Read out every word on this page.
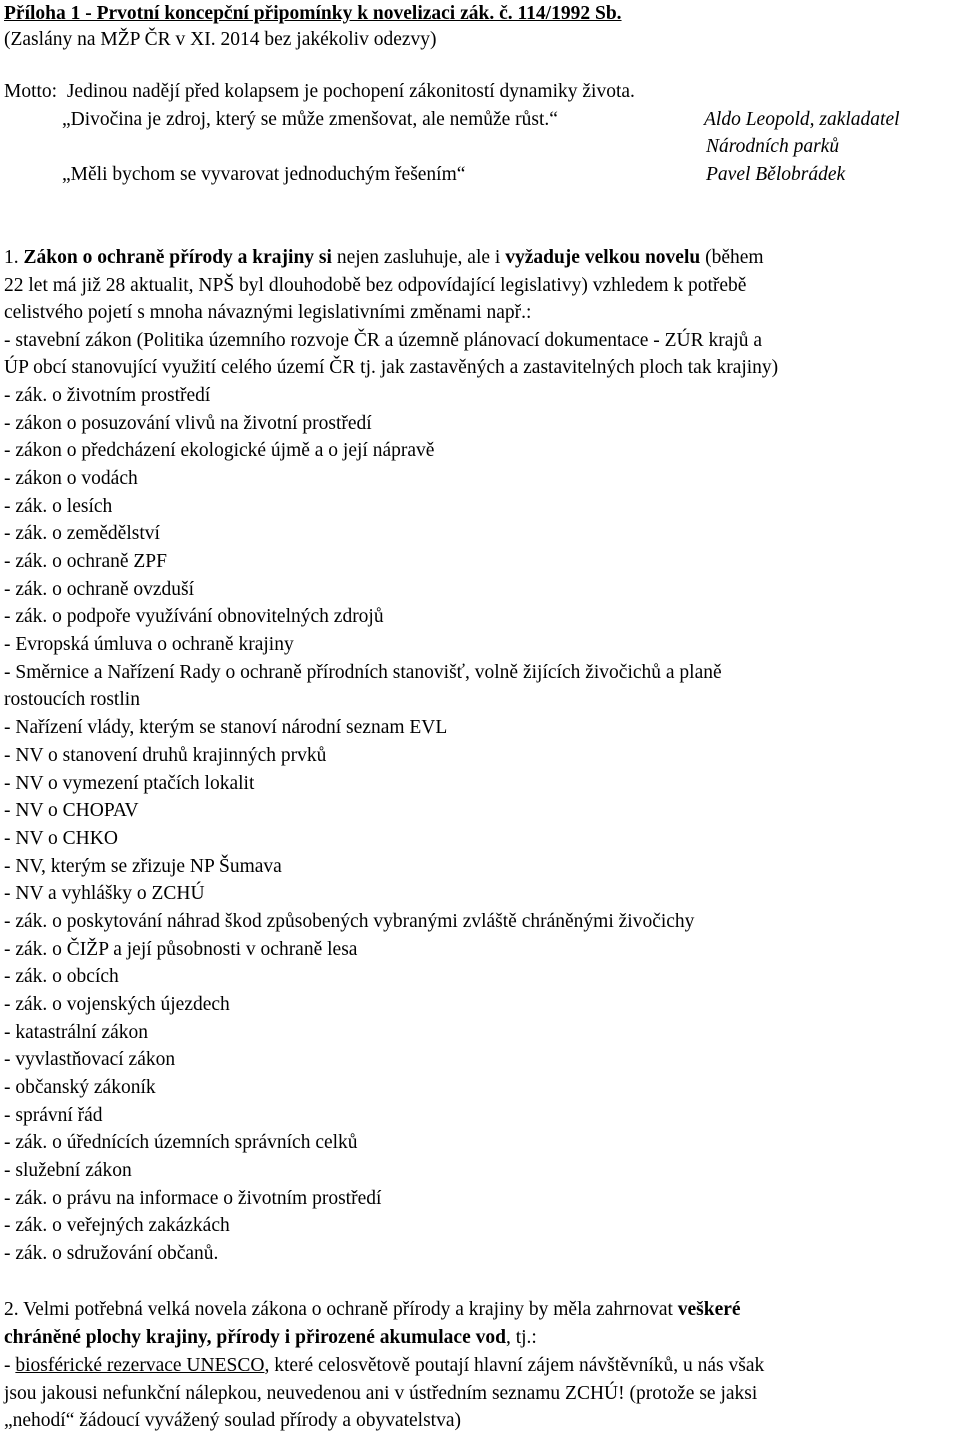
Příloha 1 - Prvotní koncepční připomínky k novelizaci zák. č. 114/1992 Sb.
(Zaslány na MŽP ČR v XI. 2014 bez jakékoliv odezvy)
Motto: Jedinou nadějí před kolapsem je pochopení zákonitostí dynamiky života.
„Divočina je zdroj, který se může zmenšovat, ale nemůže růst.“	Aldo Leopold, zakladatel
Národních parků
„Měli bychom se vyvarovat jednoduchým řešením“	Pavel Bělobrádek
1. Zákon o ochraně přírody a krajiny si nejen zasluhuje, ale i vyžaduje velkou novelu (během
22 let má již 28 aktualit, NPŠ byl dlouhodobě bez odpovídající legislativy) vzhledem k potřebě
celistvého pojetí s mnoha návaznými legislativními změnami např.:
- stavební zákon (Politika územního rozvoje ČR a územně plánovací dokumentace - ZÚR krajů a
ÚP obcí stanovující využití celého území ČR tj. jak zastavěných a zastavitelných ploch tak krajiny)
- zák. o životním prostředí
- zákon o posuzování vlivů na životní prostředí
- zákon o předcházení ekologické újmě a o její nápravě
- zákon o vodách
- zák. o lesích
- zák. o zemědělství
- zák. o ochraně ZPF
- zák. o ochraně ovzduší
- zák. o podpoře využívání obnovitelných zdrojů
- Evropská úmluva o ochraně krajiny
- Směrnice a Nařízení Rady o ochraně přírodních stanovišť, volně žijících živočichů a planě
rostoucích rostlin
- Nařízení vlády, kterým se stanoví národní seznam EVL
- NV o stanovení druhů krajinných prvků
- NV o vymezení ptačích lokalit
- NV o CHOPAV
- NV o CHKO
- NV, kterým se zřizuje NP Šumava
- NV a vyhlášky o ZCHÚ
- zák. o poskytování náhrad škod způsobených vybranými zvláště chráněnými živočichy
- zák. o ČIŽP a její působnosti v ochraně lesa
- zák. o obcích
- zák. o vojenských újezdech
- katastrální zákon
- vyvlastňovací zákon
- občanský zákoník
- správní řád
- zák. o úřednících územních správních celků
- služební zákon
- zák. o právu na informace o životním prostředí
- zák. o veřejných zakázkách
- zák. o sdružování občanů.
2. Velmi potřebná velká novela zákona o ochraně přírody a krajiny by měla zahrnovat veškeré
chráněné plochy krajiny, přírody i přirozené akumulace vod, tj.:
- biosférické rezervace UNESCO, které celosvětově poutají hlavní zájem návštěvníků, u nás však
jsou jakousi nefunkční nálepkou, neuvedenou ani v ústředním seznamu ZCHÚ! (protože se jaksi
„nehodí“ žádoucí vyvážený soulad přírody a obyvatelstva)
